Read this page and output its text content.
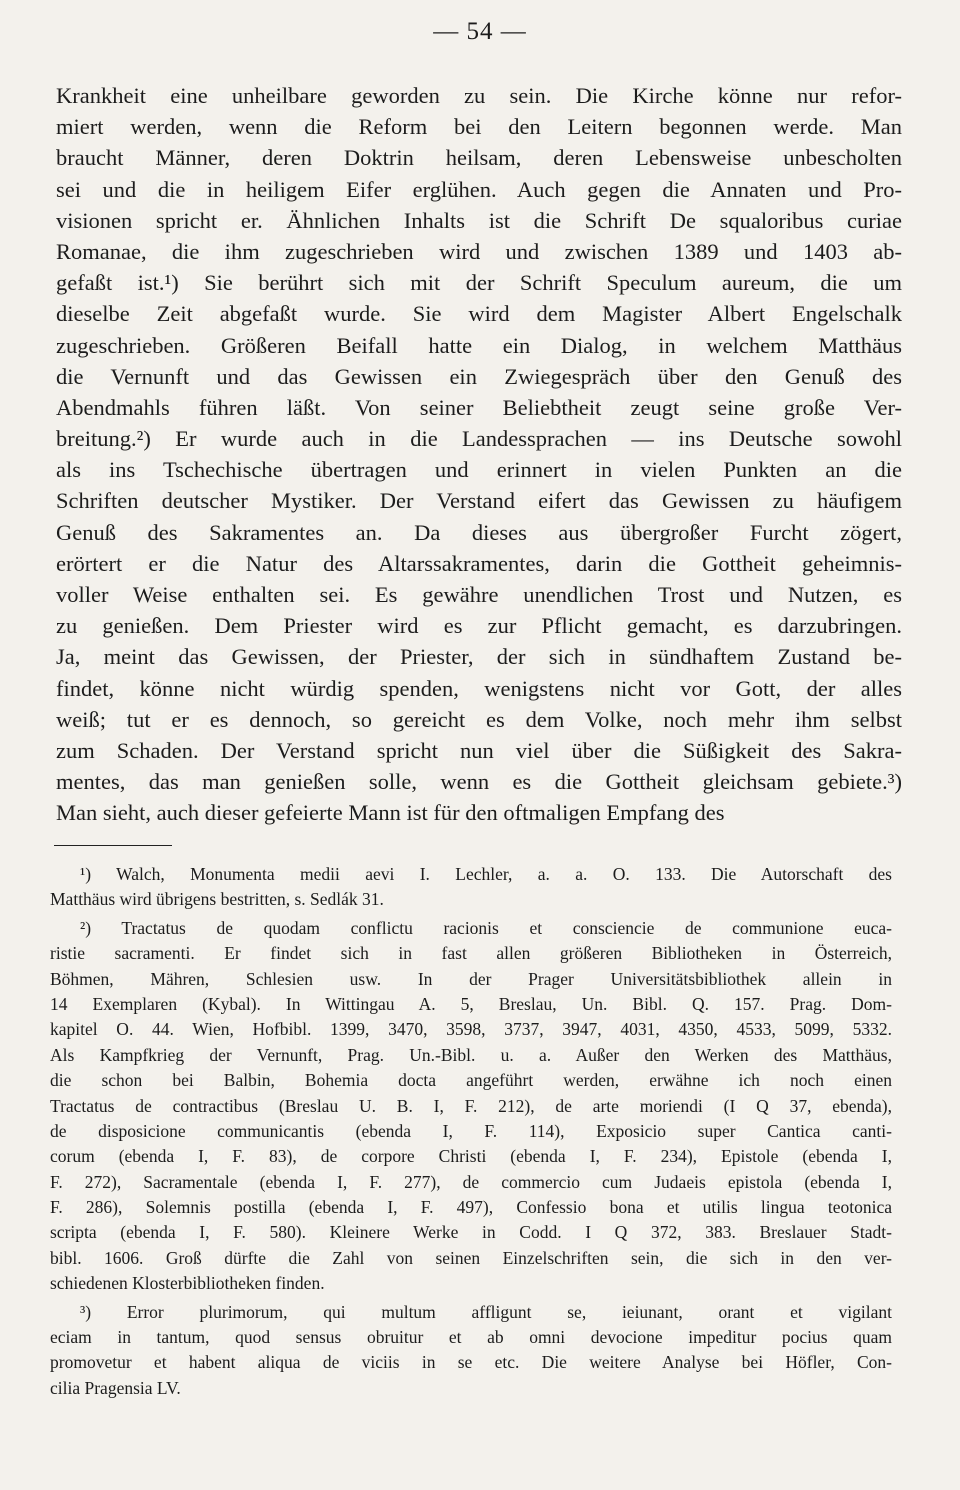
— 54 —
Krankheit eine unheilbare geworden zu sein. Die Kirche könne nur refor-
miert werden, wenn die Reform bei den Leitern begonnen werde. Man
braucht Männer, deren Doktrin heilsam, deren Lebensweise unbescholten
sei und die in heiligem Eifer erglühen. Auch gegen die Annaten und Pro-
visionen spricht er. Ähnlichen Inhalts ist die Schrift De squaloribus curiae
Romanae, die ihm zugeschrieben wird und zwischen 1389 und 1403 ab-
gefaßt ist.¹) Sie berührt sich mit der Schrift Speculum aureum, die um
dieselbe Zeit abgefaßt wurde. Sie wird dem Magister Albert Engelschalk
zugeschrieben. Größeren Beifall hatte ein Dialog, in welchem Matthäus
die Vernunft und das Gewissen ein Zwiegespräch über den Genuß des
Abendmahls führen läßt. Von seiner Beliebtheit zeugt seine große Ver-
breitung.²) Er wurde auch in die Landessprachen — ins Deutsche sowohl
als ins Tschechische übertragen und erinnert in vielen Punkten an die
Schriften deutscher Mystiker. Der Verstand eifert das Gewissen zu häufigem
Genuß des Sakramentes an. Da dieses aus übergroßer Furcht zögert,
erörtert er die Natur des Altarssakramentes, darin die Gottheit geheimnis-
voller Weise enthalten sei. Es gewähre unendlichen Trost und Nutzen, es
zu genießen. Dem Priester wird es zur Pflicht gemacht, es darzubringen.
Ja, meint das Gewissen, der Priester, der sich in sündhaftem Zustand be-
findet, könne nicht würdig spenden, wenigstens nicht vor Gott, der alles
weiß; tut er es dennoch, so gereicht es dem Volke, noch mehr ihm selbst
zum Schaden. Der Verstand spricht nun viel über die Süßigkeit des Sakra-
mentes, das man genießen solle, wenn es die Gottheit gleichsam gebiete.³)
Man sieht, auch dieser gefeierte Mann ist für den oftmaligen Empfang des
¹) Walch, Monumenta medii aevi I. Lechler, a. a. O. 133. Die Autorschaft des
Matthäus wird übrigens bestritten, s. Sedlák 31.
²) Tractatus de quodam conflictu racionis et consciencie de communione euca-
ristie sacramenti. Er findet sich in fast allen größeren Bibliotheken in Österreich,
Böhmen, Mähren, Schlesien usw. In der Prager Universitätsbibliothek allein in
14 Exemplaren (Kybal). In Wittingau A. 5, Breslau, Un. Bibl. Q. 157. Prag. Dom-
kapitel O. 44. Wien, Hofbibl. 1399, 3470, 3598, 3737, 3947, 4031, 4350, 4533, 5099, 5332.
Als Kampfkrieg der Vernunft, Prag. Un.-Bibl. u. a. Außer den Werken des Matthäus,
die schon bei Balbin, Bohemia docta angeführt werden, erwähne ich noch einen
Tractatus de contractibus (Breslau U. B. I, F. 212), de arte moriendi (I Q 37, ebenda),
de disposicione communicantis (ebenda I, F. 114), Exposicio super Cantica canti-
corum (ebenda I, F. 83), de corpore Christi (ebenda I, F. 234), Epistole (ebenda I,
F. 272), Sacramentale (ebenda I, F. 277), de commercio cum Judaeis epistola (ebenda I,
F. 286), Solemnis postilla (ebenda I, F. 497), Confessio bona et utilis lingua teotonica
scripta (ebenda I, F. 580). Kleinere Werke in Codd. I Q 372, 383. Breslauer Stadt-
bibl. 1606. Groß dürfte die Zahl von seinen Einzelschriften sein, die sich in den ver-
schiedenen Klosterbibliotheken finden.
³) Error plurimorum, qui multum affligunt se, ieiunant, orant et vigilant
eciam in tantum, quod sensus obruitur et ab omni devocione impeditur pocius quam
promovetur et habent aliqua de viciis in se etc. Die weitere Analyse bei Höfler, Con-
cilia Pragensia LV.
